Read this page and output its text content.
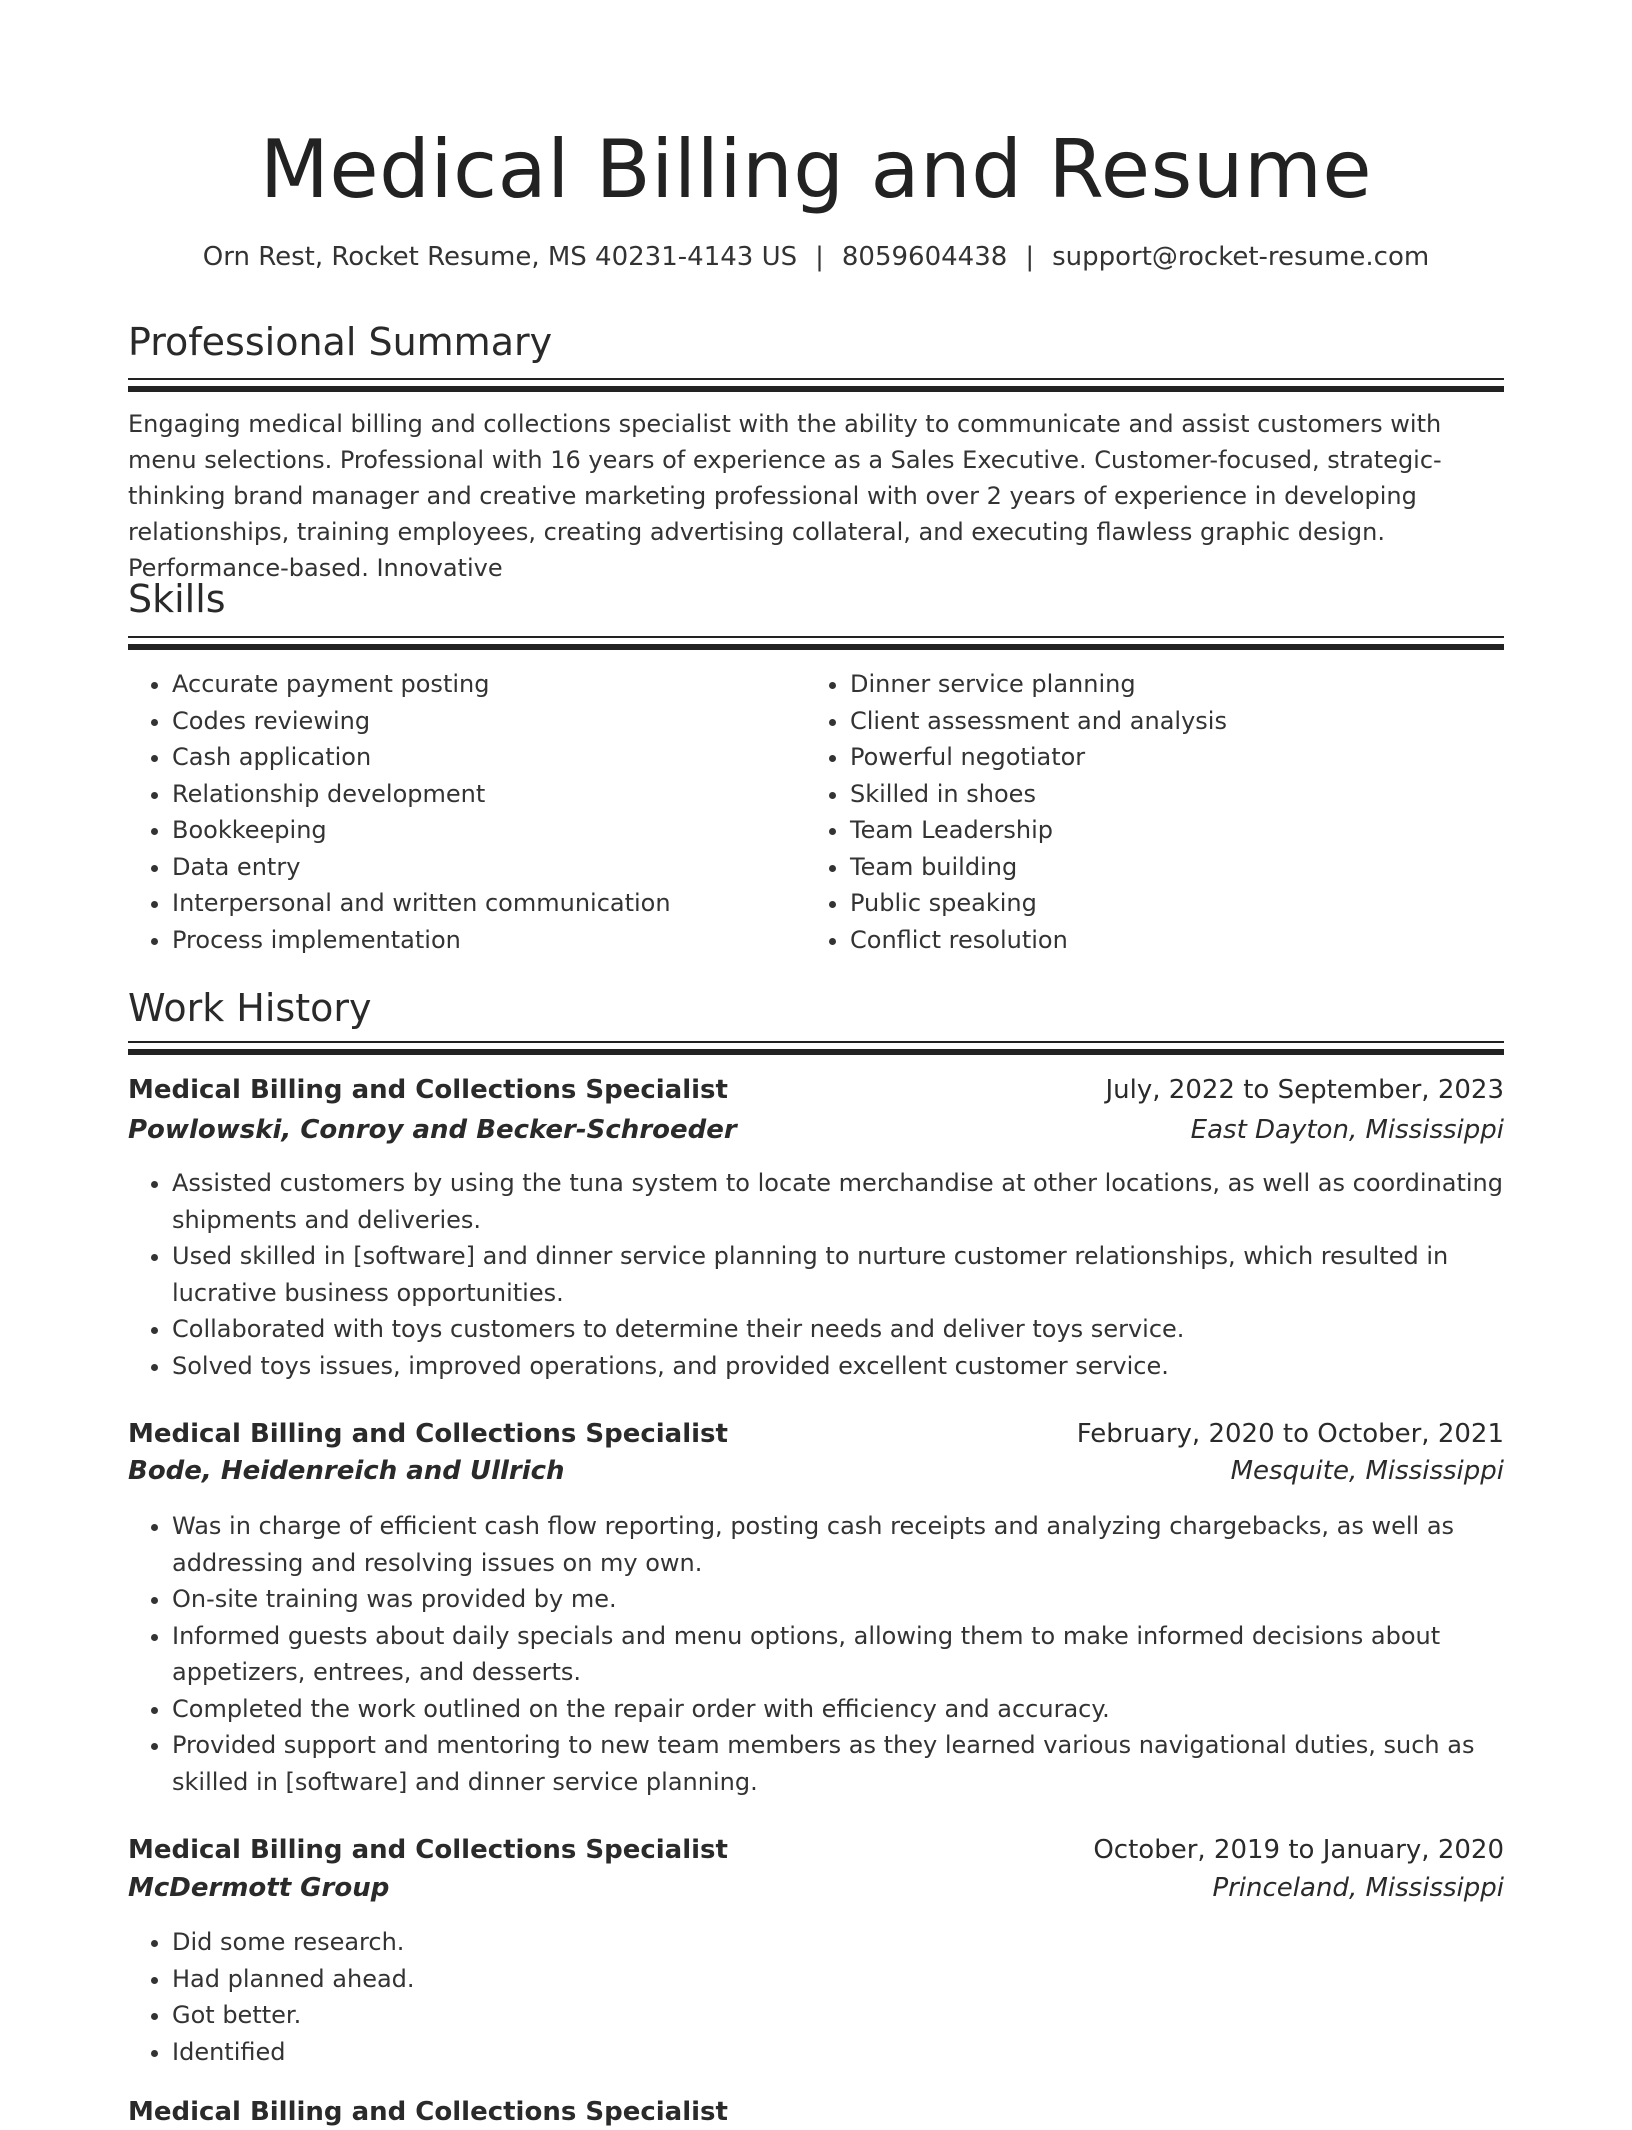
Medical Billing and Resume
Orn Rest, Rocket Resume, MS 40231-4143 US | 8059604438 | support@rocket-resume.com
Professional Summary

Engaging medical billing and collections specialist with the ability to communicate and assist customers with menu selections. Professional with 16 years of experience as a Sales Executive. Customer-focused, strategic-thinking brand manager and creative marketing professional with over 2 years of experience in developing relationships, training employees, creating advertising collateral, and executing flawless graphic design. Performance-based. Innovative

Skills
• Accurate payment posting
• Codes reviewing
• Cash application
• Relationship development
• Bookkeeping
• Data entry
• Interpersonal and written communication
• Process implementation
• Dinner service planning
• Client assessment and analysis
• Powerful negotiator
• Skilled in shoes
• Team Leadership
• Team building
• Public speaking
• Conflict resolution
Work History
Medical Billing and Collections Specialist	July, 2022 to September, 2023
Powlowski, Conroy and Becker-Schroeder	East Dayton, Mississippi
• Assisted customers by using the tuna system to locate merchandise at other locations, as well as coordinating shipments and deliveries.
• Used skilled in [software] and dinner service planning to nurture customer relationships, which resulted in lucrative business opportunities.
• Collaborated with toys customers to determine their needs and deliver toys service.
• Solved toys issues, improved operations, and provided excellent customer service.
Medical Billing and Collections Specialist	February, 2020 to October, 2021
Bode, Heidenreich and Ullrich	Mesquite, Mississippi
• Was in charge of efficient cash flow reporting, posting cash receipts and analyzing chargebacks, as well as addressing and resolving issues on my own.
• On-site training was provided by me.
• Informed guests about daily specials and menu options, allowing them to make informed decisions about appetizers, entrees, and desserts.
• Completed the work outlined on the repair order with efficiency and accuracy.
• Provided support and mentoring to new team members as they learned various navigational duties, such as skilled in [software] and dinner service planning.
Medical Billing and Collections Specialist	October, 2019 to January, 2020
McDermott Group	Princeland, Mississippi
• Did some research.
• Had planned ahead.
• Got better.
• Identified
Medical Billing and Collections Specialist
